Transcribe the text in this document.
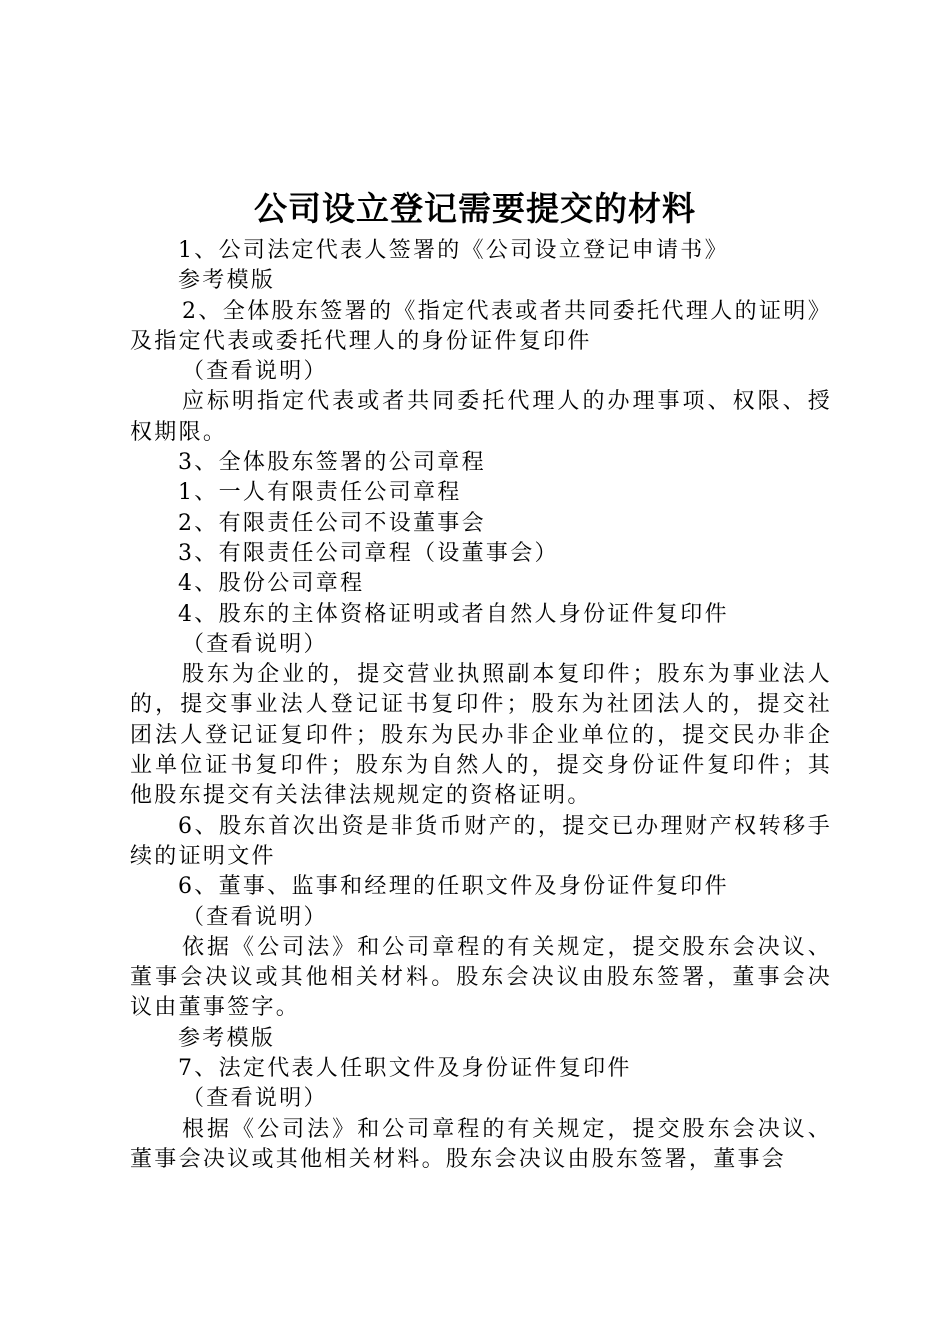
公司设立登记需要提交的材料

1、公司法定代表人签署的《公司设立登记申请书》

参考模版

2、全体股东签署的《指定代表或者共同委托代理人的证明》及指定代表或委托代理人的身份证件复印件

（查看说明）

应标明指定代表或者共同委托代理人的办理事项、权限、授权期限。

3、全体股东签署的公司章程

1、一人有限责任公司章程

2、有限责任公司不设董事会

3、有限责任公司章程（设董事会）

4、股份公司章程

4、股东的主体资格证明或者自然人身份证件复印件

（查看说明）

股东为企业的，提交营业执照副本复印件；股东为事业法人的，提交事业法人登记证书复印件；股东为社团法人的，提交社团法人登记证复印件；股东为民办非企业单位的，提交民办非企业单位证书复印件；股东为自然人的，提交身份证件复印件；其他股东提交有关法律法规规定的资格证明。

6、股东首次出资是非货币财产的，提交已办理财产权转移手续的证明文件

6、董事、监事和经理的任职文件及身份证件复印件

（查看说明）

依据《公司法》和公司章程的有关规定，提交股东会决议、董事会决议或其他相关材料。股东会决议由股东签署，董事会决议由董事签字。

参考模版

7、法定代表人任职文件及身份证件复印件

（查看说明）

根据《公司法》和公司章程的有关规定，提交股东会决议、董事会决议或其他相关材料。股东会决议由股东签署，董事会
